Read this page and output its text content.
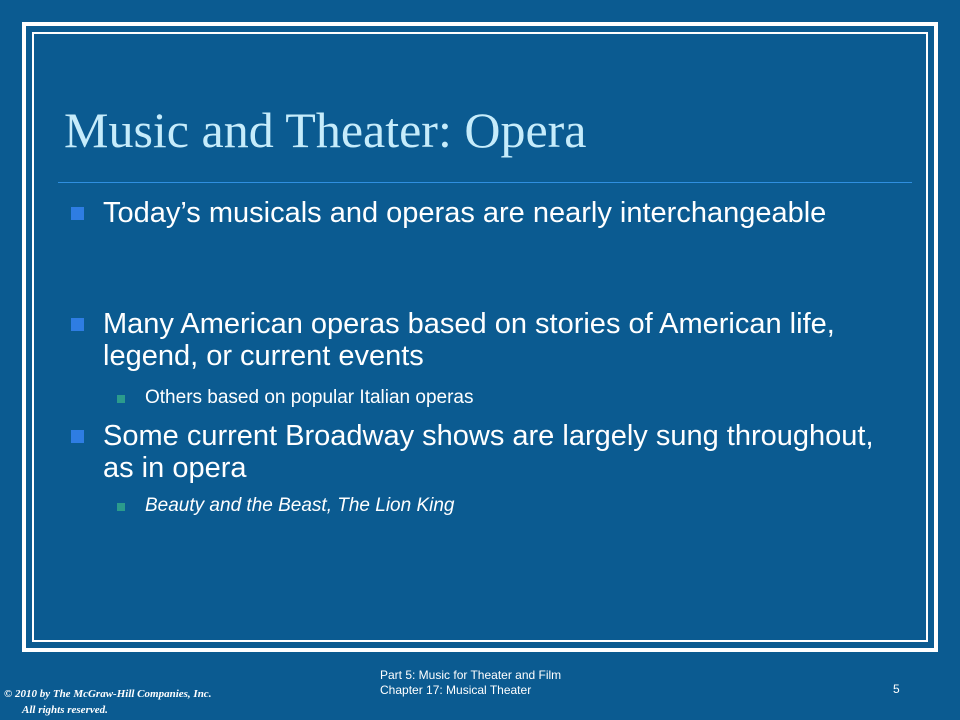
Music and Theater: Opera
Today’s musicals and operas are nearly interchangeable
Many American operas based on stories of American life, legend, or current events
Others based on popular Italian operas
Some current Broadway shows are largely sung throughout, as in opera
Beauty and the Beast, The Lion King
© 2010 by The McGraw-Hill Companies, Inc.
All rights reserved.
Part 5: Music for Theater and Film
Chapter 17: Musical Theater	5
